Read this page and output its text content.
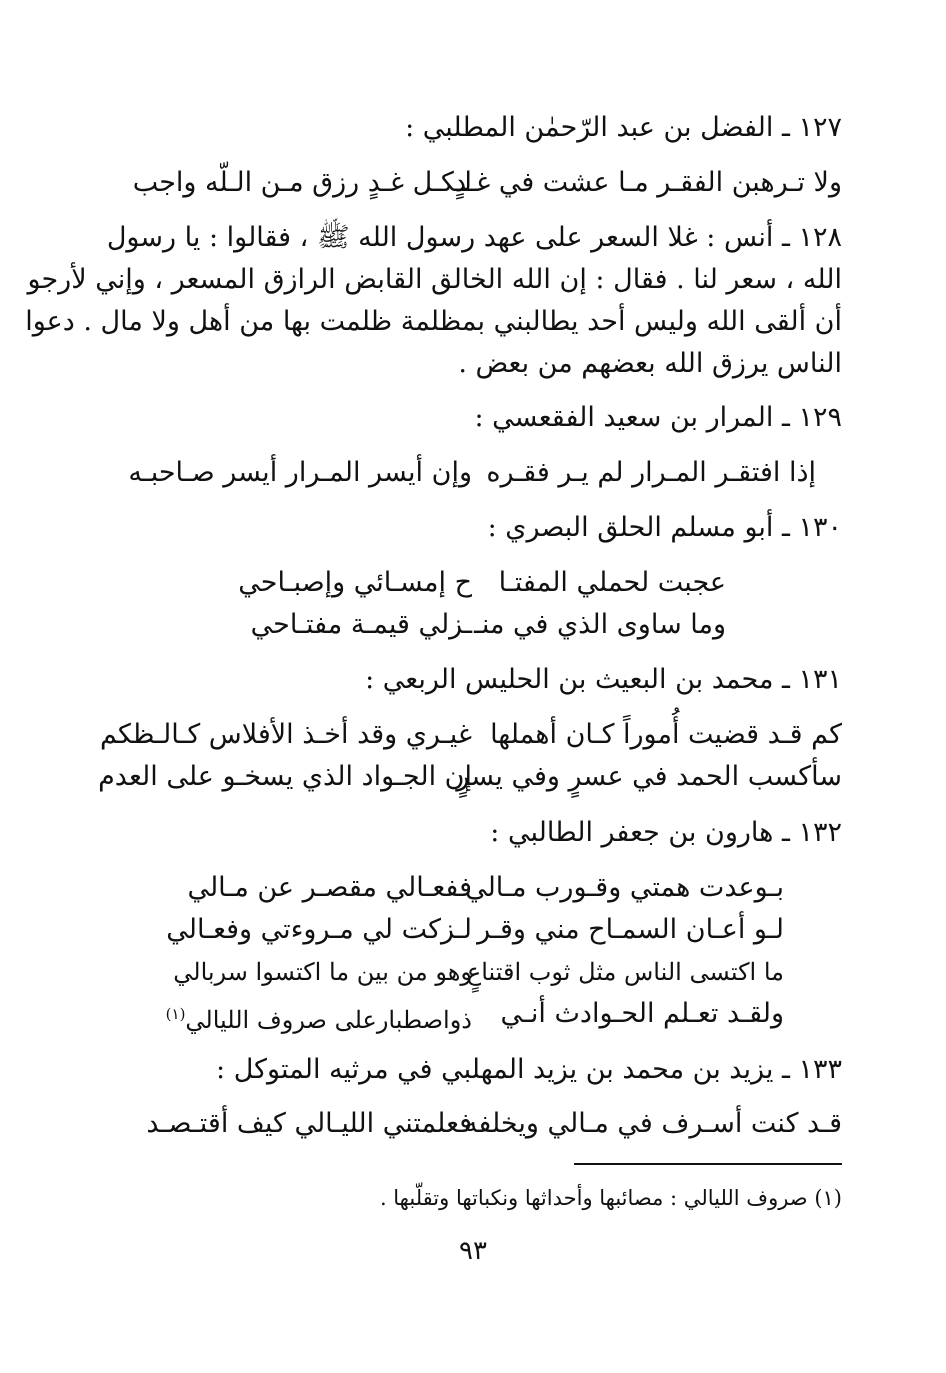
١٢٧ ـ الفضل بن عبد الرّحمٰن المطلبي :
ولا تـرهبن الفقـر مـا عشت في غـدٍ
لـكـل غـدٍ رزق مـن الـلّه واجب
١٢٨ ـ أنس : غلا السعر على عهد رسول الله ﷺ ، فقالوا : يا رسول
الله ، سعر لنا . فقال : إن الله الخالق القابض الرازق المسعر ، وإني لأرجو
أن ألقى الله وليس أحد يطالبني بمظلمة ظلمت بها من أهل ولا مال . دعوا
الناس يرزق الله بعضهم من بعض .
١٢٩ ـ المرار بن سعيد الفقعسي :
إذا افتقـر المـرار لم يـر فقـره
وإن أيسر المـرار أيسر صـاحبـه
١٣٠ ـ أبو مسلم الحلق البصري :
عجبت لحملي المفتـا
ح إمسـائي وإصبـاحي
وما ساوى الذي في منـ
ـزلي قيمـة مفتـاحي
١٣١ ـ محمد بن البعيث بن الحليس الربعي :
كم قـد قضيت أُموراً كـان أهملها
غيـري وقد أخـذ الأفلاس كـالـظكم
سأكسب الحمد في عسرٍ وفي يسرٍ
إن الجـواد الذي يسخـو على العدم
١٣٢ ـ هارون بن جعفر الطالبي :
بـوعدت همتي وقـورب مـالي
ففعـالي مقصـر عن مـالي
لـو أعـان السمـاح مني وقـر
لـزكت لي مـروءتي وفعـالي
ما اكتسى الناس مثل ثوب اقتناعٍ
وهو من بين ما اكتسوا سربالي
ولقـد تعـلم الحـوادث أنـي
ذواصطبارعلى صروف الليالي$^{(١)}$
١٣٣ ـ يزيد بن محمد بن يزيد المهلبي في مرثيه المتوكل :
قـد كنت أسـرف في مـالي ويخلفه
فعلمتني الليـالي كيف أقتـصـد
(١) صروف الليالي : مصائبها وأحداثها ونكباتها وتقلّبها .
٩٣
